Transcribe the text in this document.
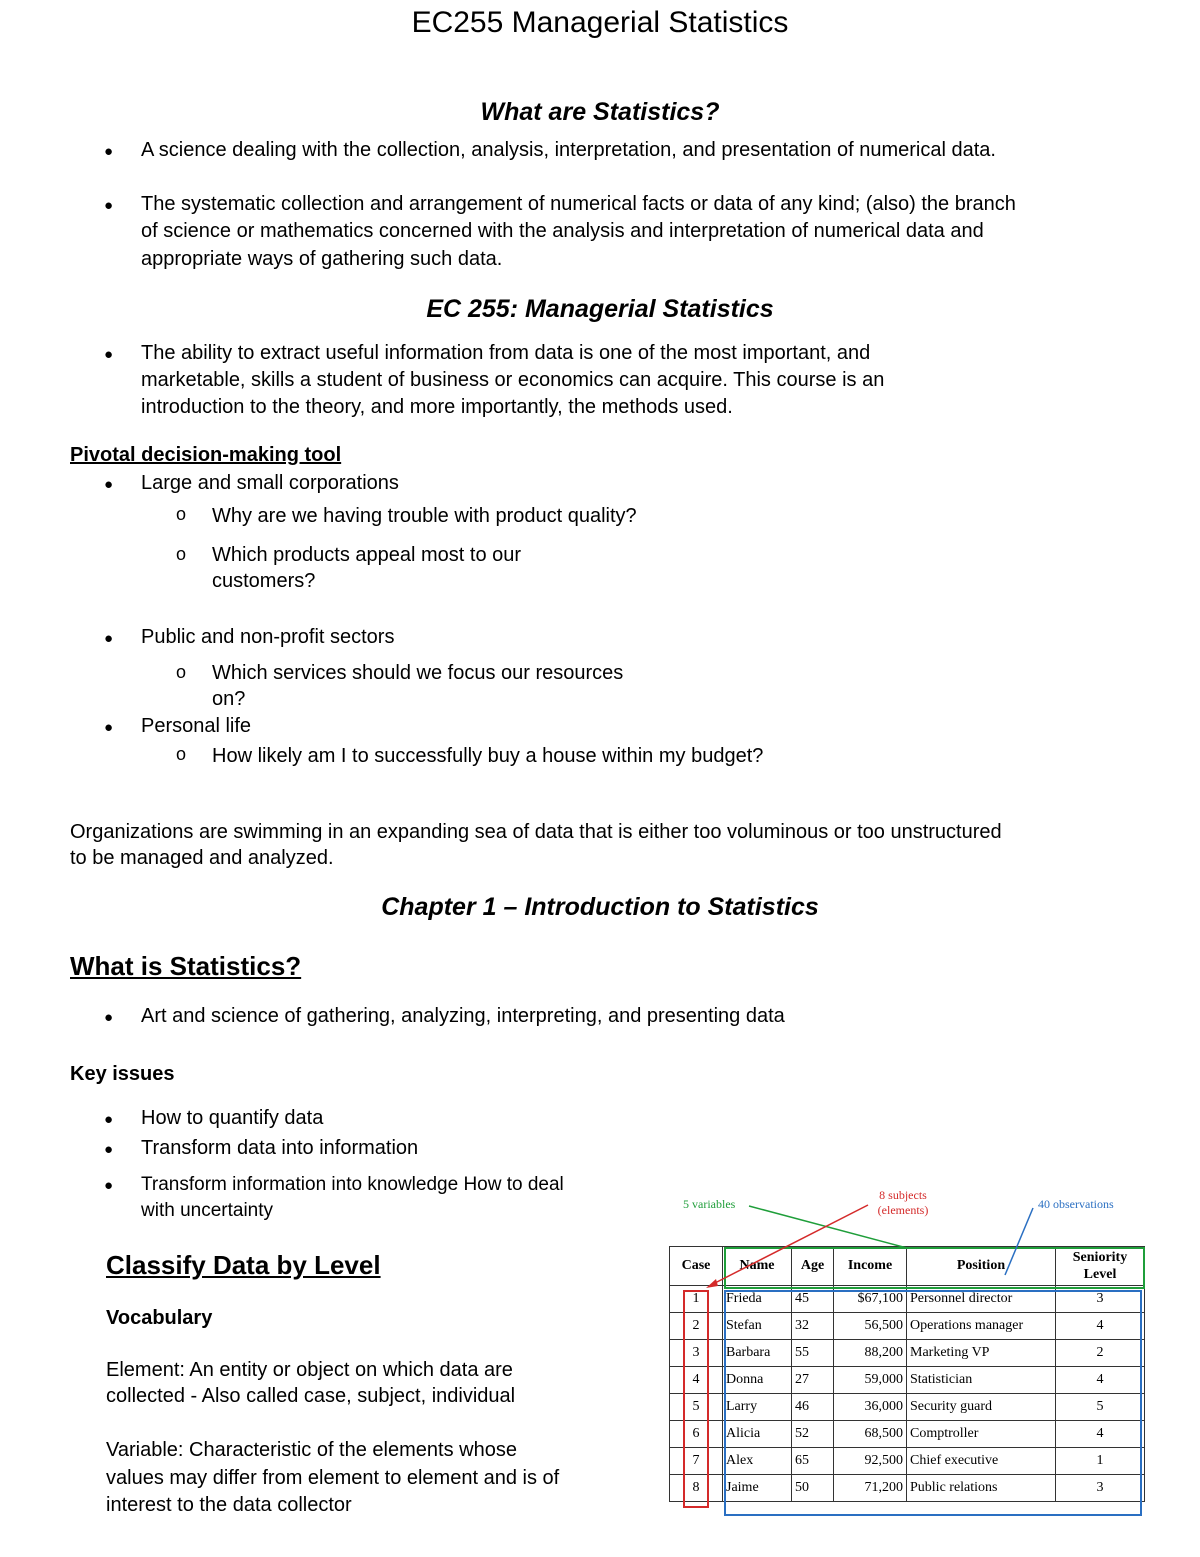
EC255 Managerial Statistics
What are Statistics?
● A science dealing with the collection, analysis, interpretation, and presentation of numerical data.
● The systematic collection and arrangement of numerical facts or data of any kind; (also) the branch
of science or mathematics concerned with the analysis and interpretation of numerical data and
appropriate ways of gathering such data.
EC 255: Managerial Statistics
● The ability to extract useful information from data is one of the most important, and
marketable, skills a student of business or economics can acquire. This course is an
introduction to the theory, and more importantly, the methods used.
Pivotal decision-making tool
● Large and small corporations
o Why are we having trouble with product quality?
o Which products appeal most to our
customers?
● Public and non-profit sectors
o Which services should we focus our resources
on?
● Personal life
o How likely am I to successfully buy a house within my budget?
Organizations are swimming in an expanding sea of data that is either too voluminous or too unstructured
to be managed and analyzed.
Chapter 1 – Introduction to Statistics
What is Statistics?
● Art and science of gathering, analyzing, interpreting, and presenting data
Key issues
● How to quantify data
● Transform data into information
● Transform information into knowledge How to deal
with uncertainty
Classify Data by Level
Vocabulary
Element: An entity or object on which data are
collected - Also called case, subject, individual
Variable: Characteristic of the elements whose
values may differ from element to element and is of
interest to the data collector
Case	Name	Age	Income	Position	Seniority
Level
1	Frieda	45	$67,100	Personnel director	3
2	Stefan	32	56,500	Operations manager	4
3	Barbara	55	88,200	Marketing VP	2
4	Donna	27	59,000	Statistician	4
5	Larry	46	36,000	Security guard	5
6	Alicia	52	68,500	Comptroller	4
7	Alex	65	92,500	Chief executive	1
8	Jaime	50	71,200	Public relations	3
5 variables
8 subjects
(elements)	40 observations
